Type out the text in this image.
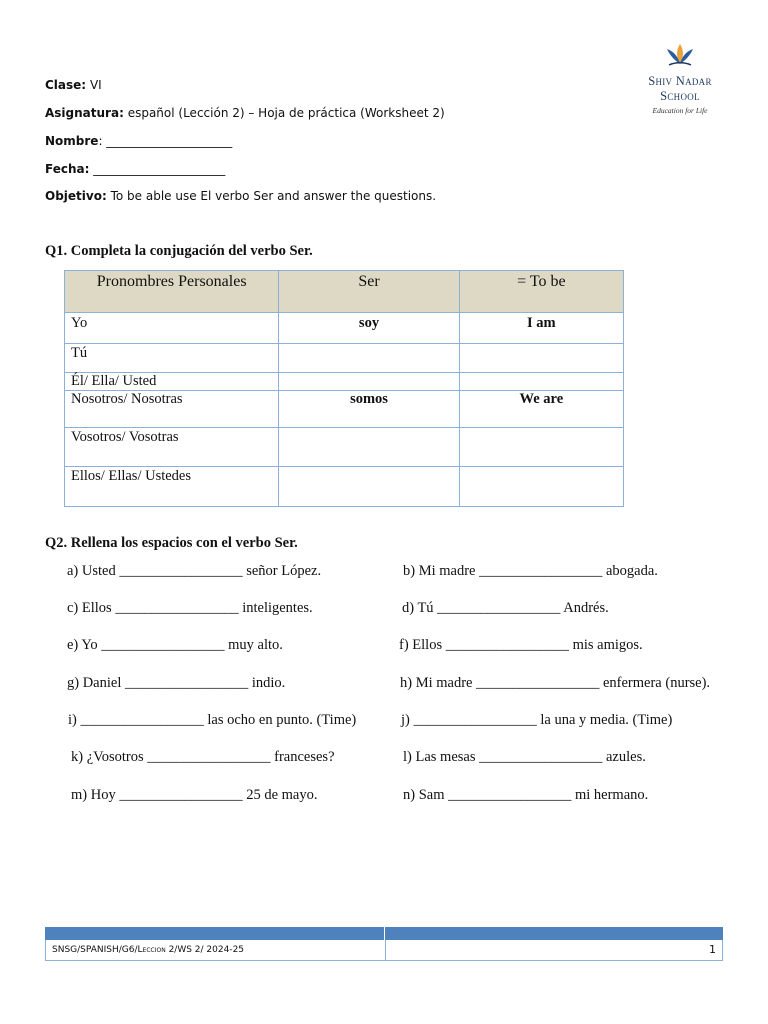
Clase: VI
Asignatura: español (Lección 2) – Hoja de práctica (Worksheet 2)
Nombre: _____________________
Fecha: ______________________
Objetivo: To be able use El verbo Ser and answer the questions.
Shiv Nadar School
Education for Life
Q1. Completa la conjugación del verbo Ser.
Pronombres Personales	Ser	= To be
Yo	soy	I am
Tú		
Él/ Ella/ Usted		
Nosotros/ Nosotras	somos	We are
Vosotros/ Vosotras		
Ellos/ Ellas/ Ustedes		
Q2. Rellena los espacios con el verbo Ser.
a) Usted _________________ señor López.	b) Mi madre _________________ abogada.
c) Ellos _________________ inteligentes.	d) Tú _________________ Andrés.
e) Yo _________________ muy alto.	f) Ellos _________________ mis amigos.
g) Daniel _________________ indio.	h) Mi madre _________________ enfermera (nurse).
i) _________________ las ocho en punto. (Time)	j) _________________ la una y media. (Time)
k) ¿Vosotros _________________ franceses?	l) Las mesas _________________ azules.
m) Hoy _________________ 25 de mayo.	n) Sam _________________ mi hermano.
SNSG/SPANISH/G6/Leccion 2/WS 2/ 2024-25	1
